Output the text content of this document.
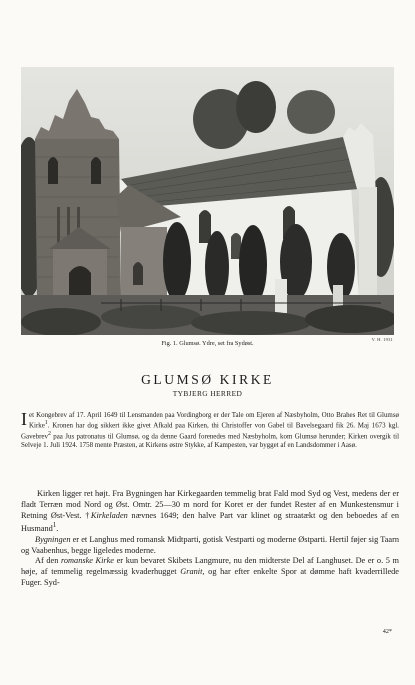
V. H. 1931
Fig. 1. Glumsø. Ydre, set fra Sydøst.
GLUMSØ KIRKE
TYBJERG HERRED

Iet Kongebrev af 17. April 1649 til Lensmanden paa Vordingborg er der Tale om Ejeren af Næsbyholm, Otto Brahes Ret til Glumsø Kirke$^1$. Kronen har dog sikkert ikke givet Afkald paa Kirken, thi Christoffer von Gabel til Bavelsegaard fik 26. Maj 1673 kgl. Gavebrev$^2$ paa Jus patronatus til Glumsø, og da denne Gaard forenedes med Næsbyholm, kom Glumsø herunder; Kirken overgik til Selveje 1. Juli 1924. 1758 mente Præsten, at Kirkens østre Stykke, af Kampesten, var bygget af en Landsdommer i Aasø.

Kirken ligger ret højt. Fra Bygningen har Kirkegaarden temmelig brat Fald mod Syd og Vest, medens der er fladt Terræn mod Nord og Øst. Omtr. 25—30 m nord for Koret er der fundet Rester af en Munkestensmur i Retning Øst-Vest. †Kirkeladen nævnes 1649; den halve Part var klinet og straatækt og den beboedes af en Husmand$^1$.

Bygningen er et Langhus med romansk Midtparti, gotisk Vestparti og moderne Østparti. Hertil føjer sig Taarn og Vaabenhus, begge ligeledes moderne.

Af den romanske Kirke er kun bevaret Skibets Langmure, nu den midterste Del af Langhuset. De er o. 5 m høje, af temmelig regelmæssig kvaderhugget Granit, og har efter enkelte Spor at dømme haft kvaderrillede Fuger. Syd-

42*
